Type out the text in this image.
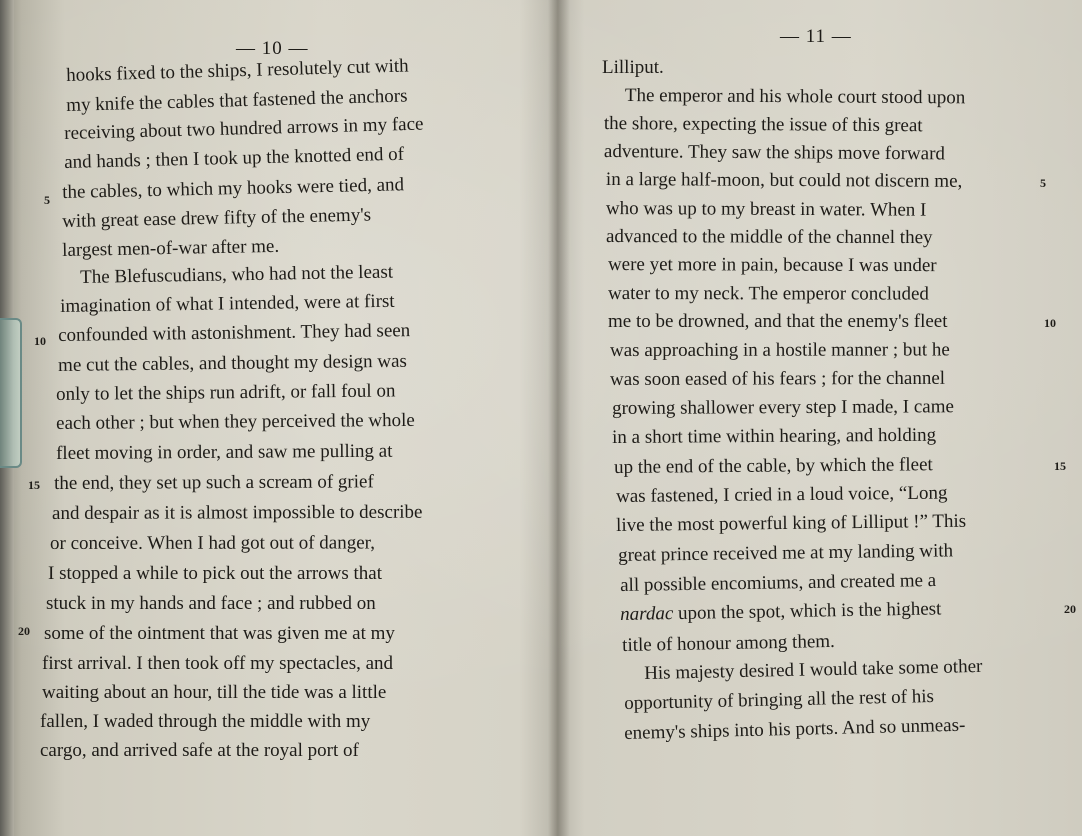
— 10 —
hooks fixed to the ships, I resolutely cut with
my knife the cables that fastened the anchors
receiving about two hundred arrows in my face
and hands ; then I took up the knotted end of
the cables, to which my hooks were tied, and
with great ease drew fifty of the enemy's
largest men-of-war after me.
The Blefuscudians, who had not the least
imagination of what I intended, were at first
confounded with astonishment. They had seen
me cut the cables, and thought my design was
only to let the ships run adrift, or fall foul on
each other ; but when they perceived the whole
fleet moving in order, and saw me pulling at
the end, they set up such a scream of grief
and despair as it is almost impossible to describe
or conceive. When I had got out of danger,
I stopped a while to pick out the arrows that
stuck in my hands and face ; and rubbed on
some of the ointment that was given me at my
first arrival. I then took off my spectacles, and
waiting about an hour, till the tide was a little
fallen, I waded through the middle with my
cargo, and arrived safe at the royal port of
5
10
15
20
— 11 —
Lilliput.
The emperor and his whole court stood upon
the shore, expecting the issue of this great
adventure. They saw the ships move forward
in a large half-moon, but could not discern me,
who was up to my breast in water. When I
advanced to the middle of the channel they
were yet more in pain, because I was under
water to my neck. The emperor concluded
me to be drowned, and that the enemy's fleet
was approaching in a hostile manner ; but he
was soon eased of his fears ; for the channel
growing shallower every step I made, I came
in a short time within hearing, and holding
up the end of the cable, by which the fleet
was fastened, I cried in a loud voice, “Long
live the most powerful king of Lilliput !” This
great prince received me at my landing with
all possible encomiums, and created me a
nardac upon the spot, which is the highest
title of honour among them.
His majesty desired I would take some other
opportunity of bringing all the rest of his
enemy's ships into his ports. And so unmeas-
5
10
15
20
